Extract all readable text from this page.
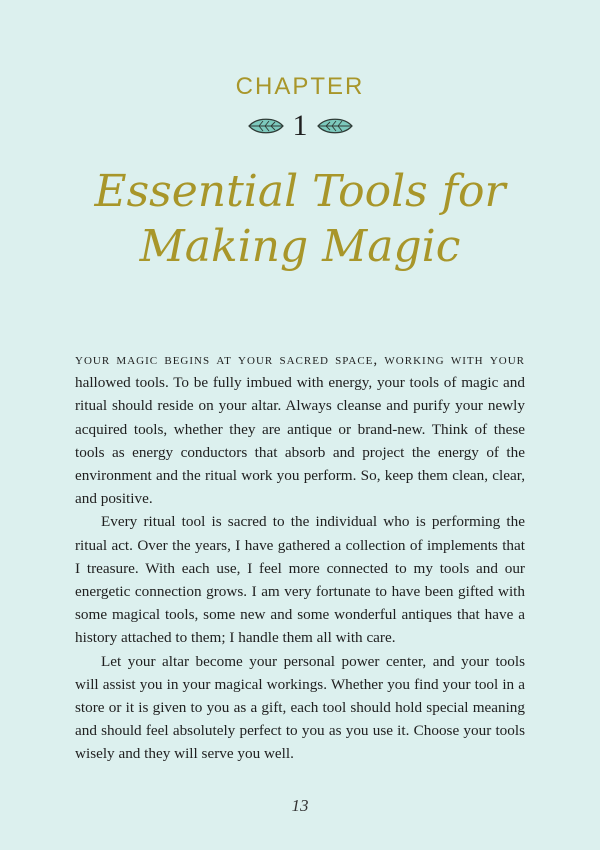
CHAPTER
1
Essential Tools for
Making Magic

your magic begins at your sacred space, working with your hallowed tools. To be fully imbued with energy, your tools of magic and ritual should reside on your altar. Always cleanse and purify your newly acquired tools, whether they are antique or brand-new. Think of these tools as energy conductors that absorb and project the energy of the environment and the ritual work you perform. So, keep them clean, clear, and positive.

Every ritual tool is sacred to the individual who is performing the ritual act. Over the years, I have gathered a collection of implements that I treasure. With each use, I feel more connected to my tools and our energetic connection grows. I am very fortunate to have been gifted with some magical tools, some new and some wonderful antiques that have a history attached to them; I handle them all with care.

Let your altar become your personal power center, and your tools will assist you in your magical workings. Whether you find your tool in a store or it is given to you as a gift, each tool should hold special meaning and should feel absolutely perfect to you as you use it. Choose your tools wisely and they will serve you well.

13
